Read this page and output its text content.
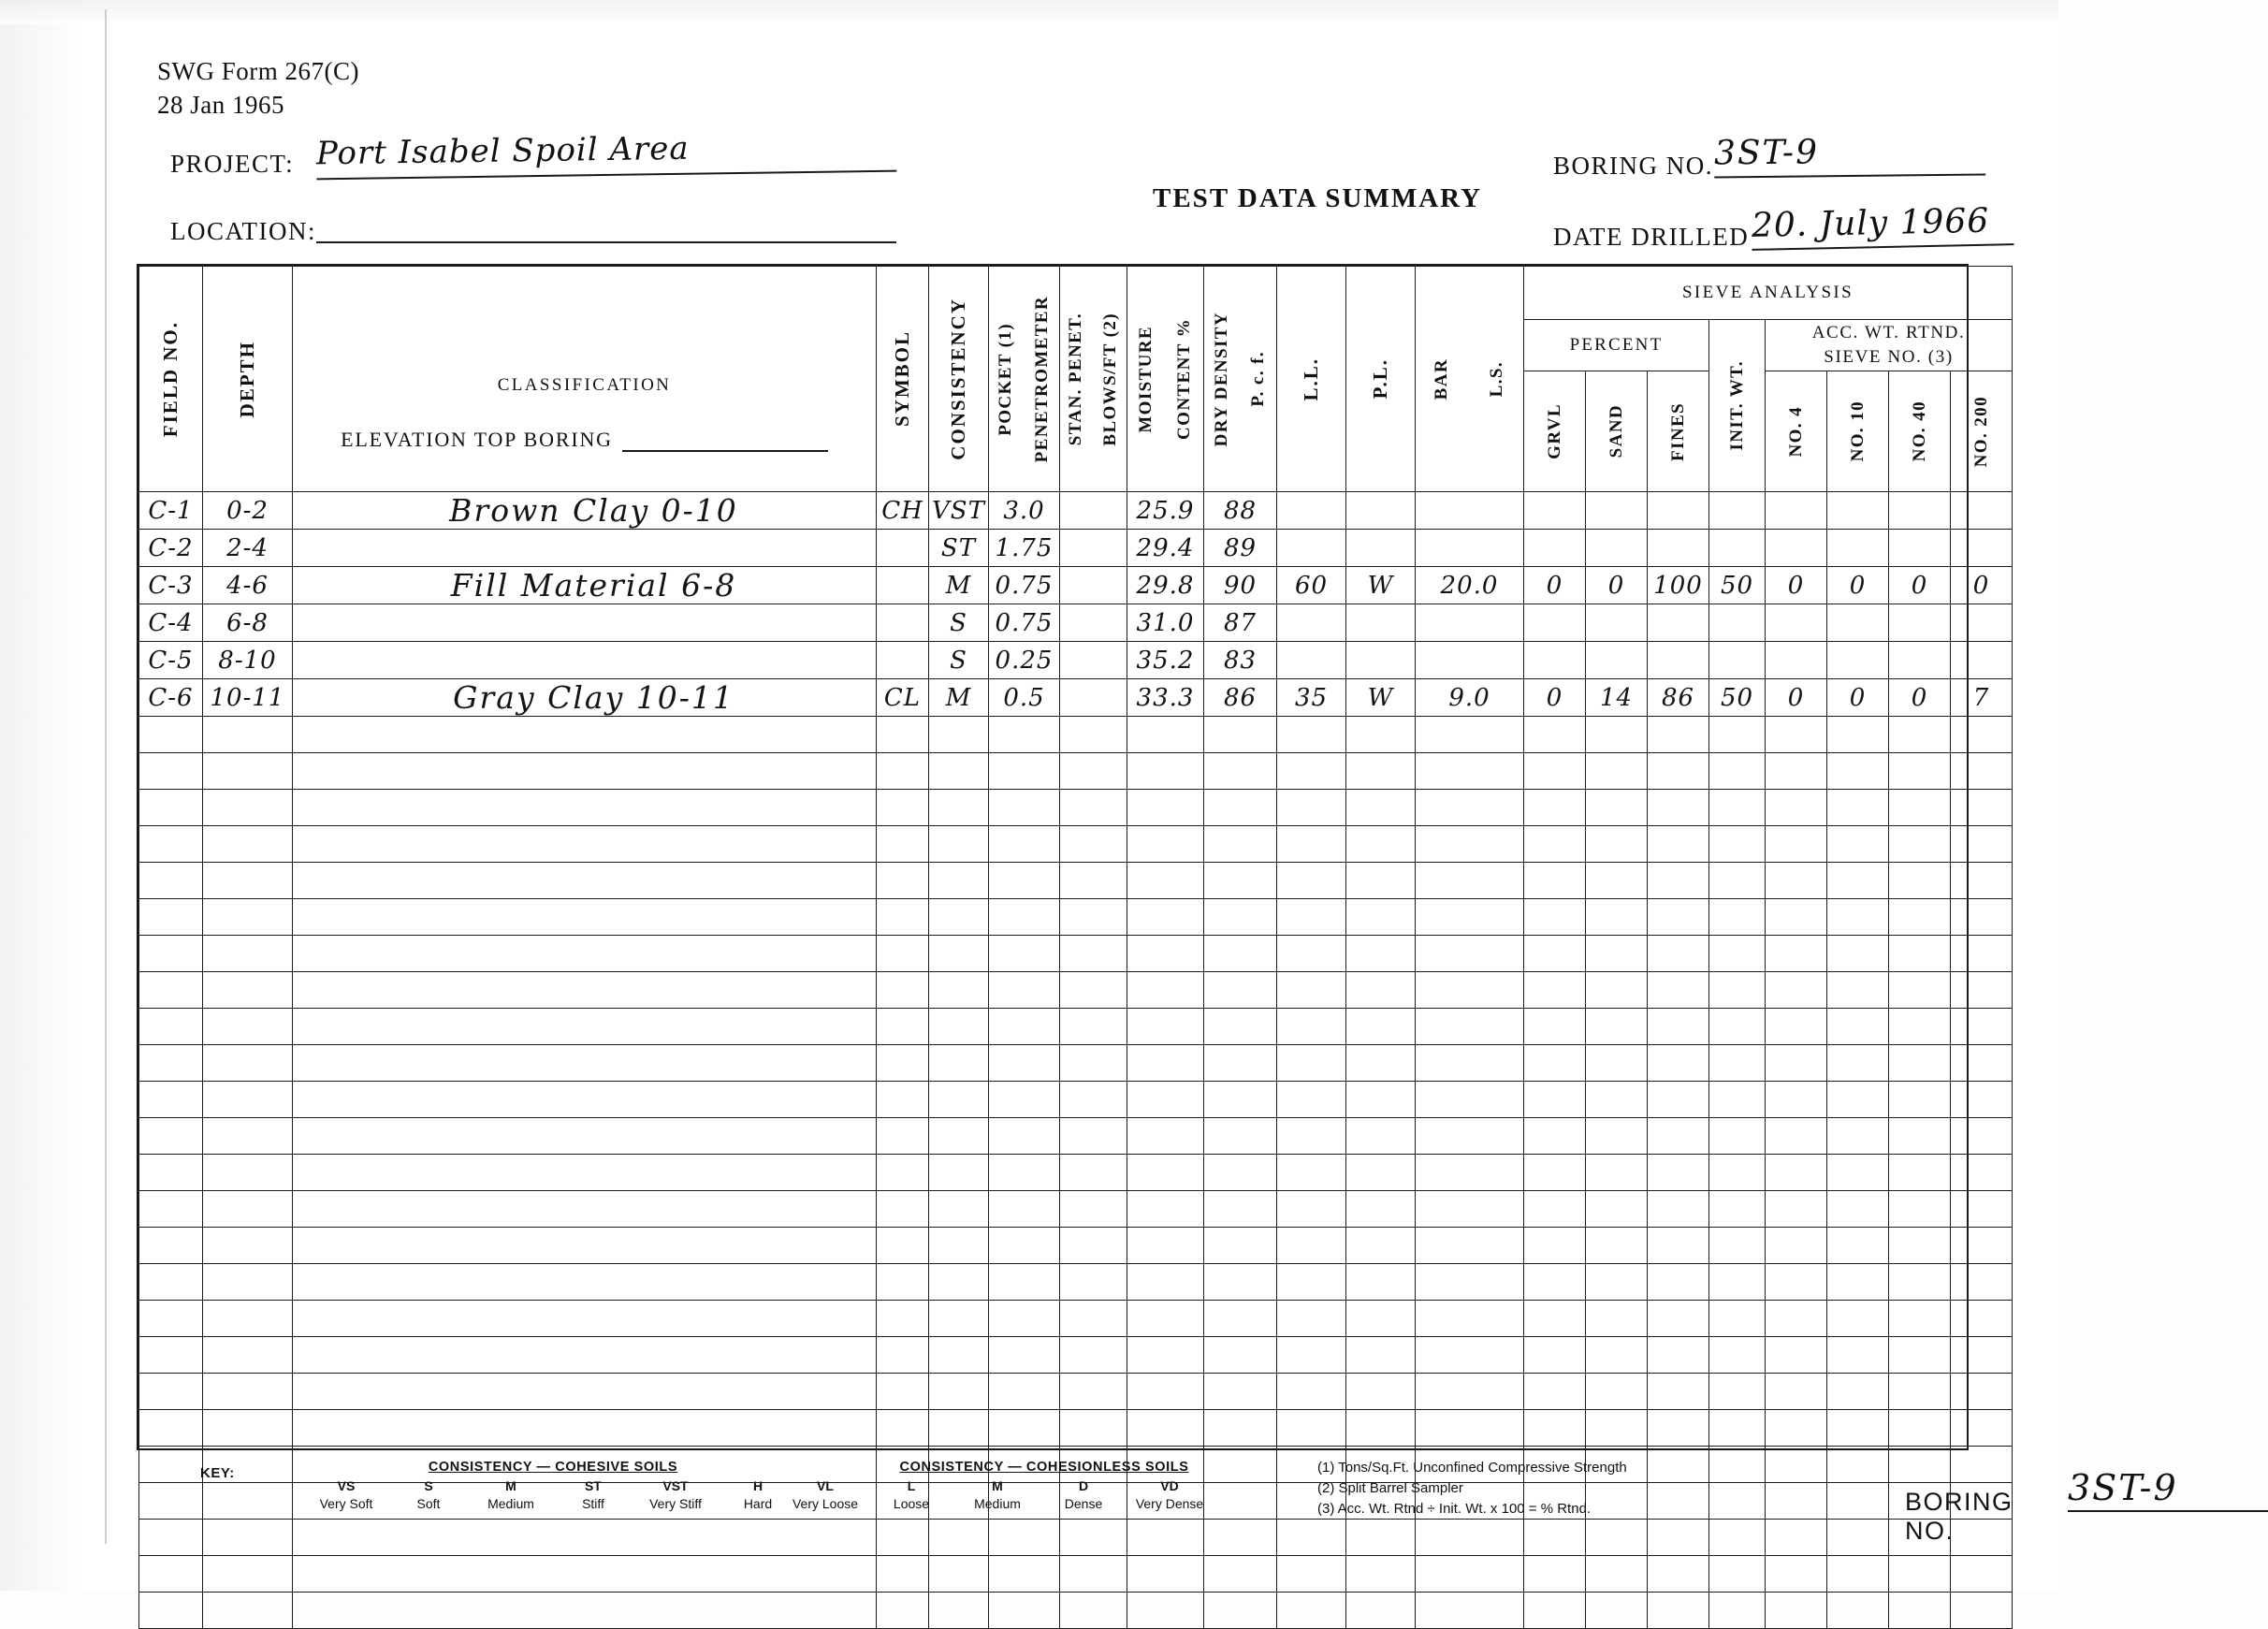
SWG Form 267(C)
28 Jan 1965
PROJECT: Port Isabel Spoil Area
LOCATION:
TEST DATA SUMMARY
BORING NO. 3ST-9
DATE DRILLED 20. July 1966
FIELD NO.	DEPTH	CLASSIFICATION
ELEVATION TOP BORING

SYMBOL	CONSISTENCY	POCKET (1) PENETROMETER	STAN. PENET. BLOWS/FT (2)	MOISTURE CONTENT %	DRY DENSITY P. c. f.	L.L.	P.L.	BAR L.S.
	SIEVE ANALYSIS
												PERCENT			INIT. WT.	ACC. WT. RTND.
SIEVE NO. (3)			

												GRVL	SAND	FINES		NO. 4	NO. 10	NO. 40	NO. 200

C-1	0-2	Brown Clay 0-10	CH	VST	3.0		25.9	88											
C-2	2-4			ST	1.75		29.4	89											
C-3	4-6	Fill Material 6-8		M	0.75		29.8	90	60	W	20.0	0	0	100	50	0	0	0	0
C-4	6-8			S	0.75		31.0	87											
C-5	8-10			S	0.25		35.2	83											
C-6	10-11	Gray Clay 10-11	CL	M	0.5		33.3	86	35	W	9.0	0	14	86	50	0	0	0	7

KEY:	CONSISTENCY — COHESIVE SOILS
VS	S	M	ST	VST	H
Very Soft	Soft	Medium	Stiff	Very Stiff	Hard
CONSISTENCY — COHESIONLESS SOILS
VL	L	M	D	VD
Very Loose	Loose	Medium	Dense	Very Dense
(1) Tons/Sq.Ft. Unconfined Compressive Strength
(2) Split Barrel Sampler
(3) Acc. Wt. Rtnd ÷ Init. Wt. x 100 = % Rtnd.	BORING NO.
3ST-9
